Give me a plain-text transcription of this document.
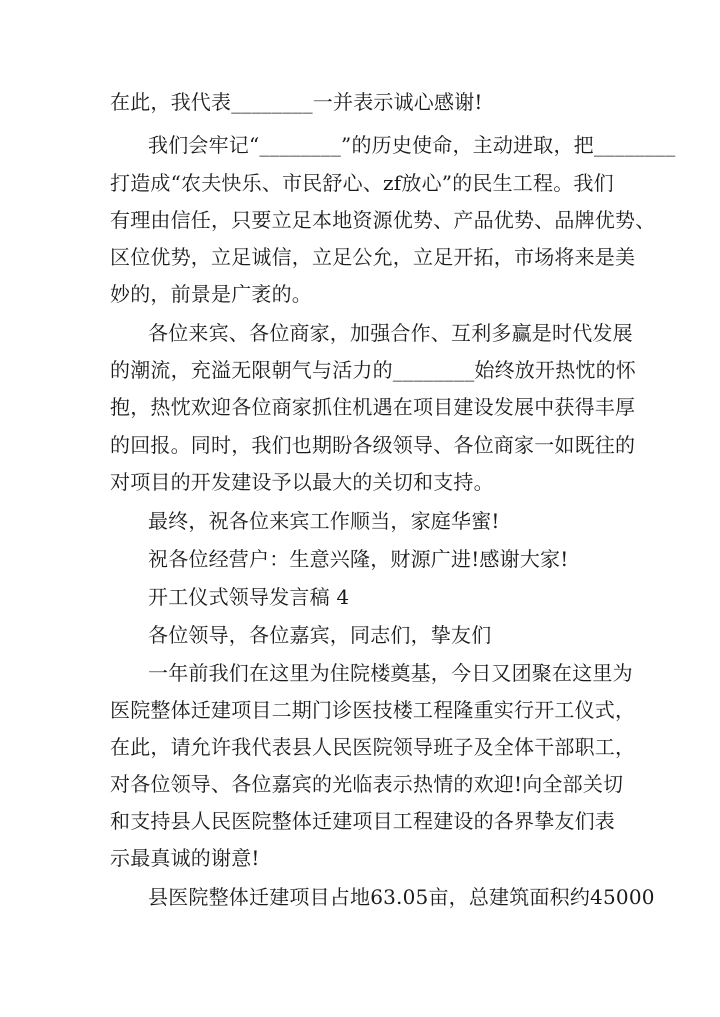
在此，我代表________一并表示诚心感谢!
我们会牢记“________”的历史使命，主动进取，把________
打造成“农夫快乐、市民舒心、zf放心”的民生工程。我们
有理由信任，只要立足本地资源优势、产品优势、品牌优势、
区位优势，立足诚信，立足公允，立足开拓，市场将来是美
妙的，前景是广袤的。
各位来宾、各位商家，加强合作、互利多赢是时代发展
的潮流，充溢无限朝气与活力的________始终放开热忱的怀
抱，热忱欢迎各位商家抓住机遇在项目建设发展中获得丰厚
的回报。同时，我们也期盼各级领导、各位商家一如既往的
对项目的开发建设予以最大的关切和支持。
最终，祝各位来宾工作顺当，家庭华蜜!
祝各位经营户：生意兴隆，财源广进!感谢大家!
开工仪式领导发言稿 4
各位领导，各位嘉宾，同志们，挚友们
一年前我们在这里为住院楼奠基，今日又团聚在这里为
医院整体迁建项目二期门诊医技楼工程隆重实行开工仪式，
在此，请允许我代表县人民医院领导班子及全体干部职工，
对各位领导、各位嘉宾的光临表示热情的欢迎!向全部关切
和支持县人民医院整体迁建项目工程建设的各界挚友们表
示最真诚的谢意!
县医院整体迁建项目占地63.05亩，总建筑面积约45000
